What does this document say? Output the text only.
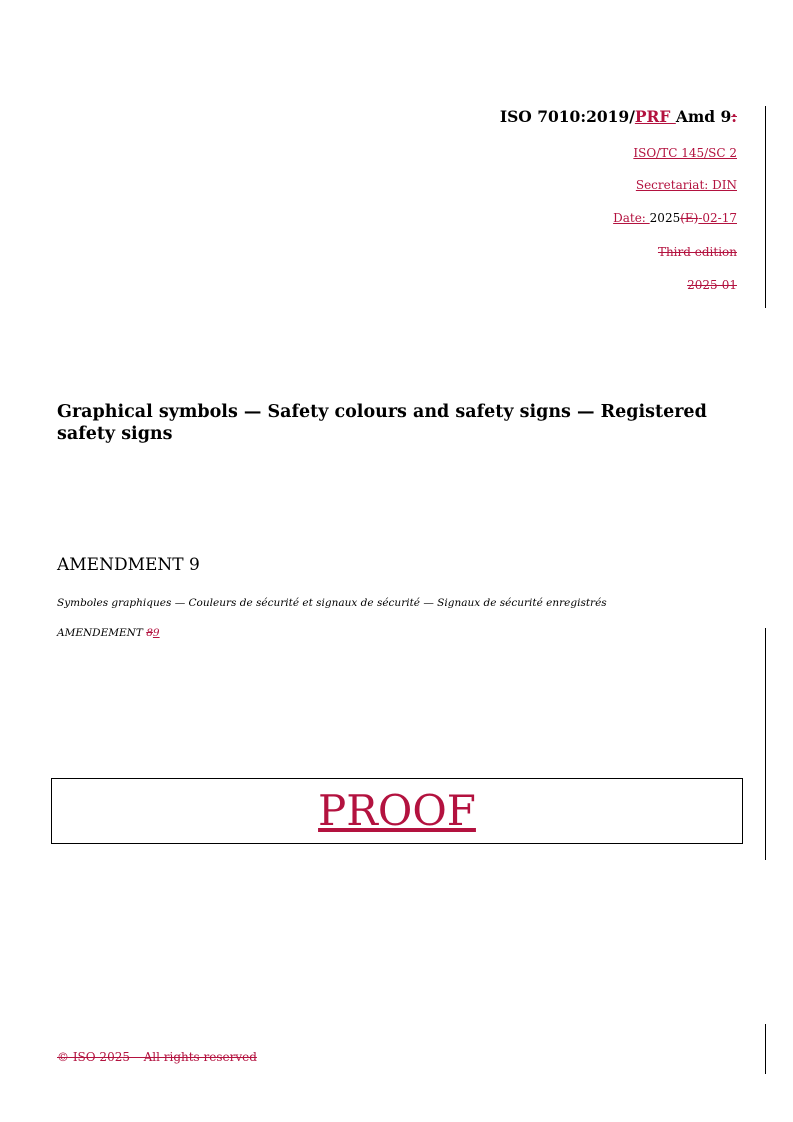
ISO 7010:2019/PRF Amd 9:
ISO/TC 145/SC 2
Secretariat: DIN
Date: 2025(E)-02-17
Third edition
2025-01
Graphical symbols — Safety colours and safety signs — Registered safety signs
AMENDMENT 9
Symboles graphiques — Couleurs de sécurité et signaux de sécurité — Signaux de sécurité enregistrés
AMENDEMENT 89
PROOF
© ISO 2025 – All rights reserved
